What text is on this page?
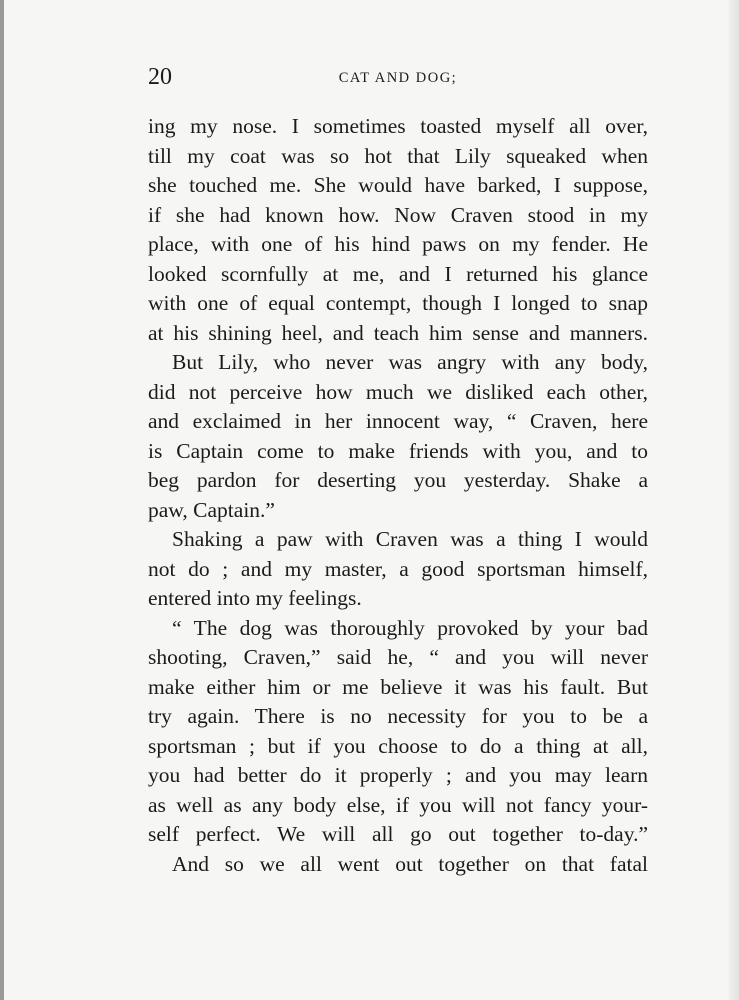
20	CAT AND DOG;
ing my nose. I sometimes toasted myself all over,
till my coat was so hot that Lily squeaked when
she touched me. She would have barked, I suppose,
if she had known how. Now Craven stood in my
place, with one of his hind paws on my fender. He
looked scornfully at me, and I returned his glance
with one of equal contempt, though I longed to snap
at his shining heel, and teach him sense and manners.
But Lily, who never was angry with any body,
did not perceive how much we disliked each other,
and exclaimed in her innocent way, “ Craven, here
is Captain come to make friends with you, and to
beg pardon for deserting you yesterday. Shake a
paw, Captain.”
Shaking a paw with Craven was a thing I would
not do ; and my master, a good sportsman himself,
entered into my feelings.
“ The dog was thoroughly provoked by your bad
shooting, Craven,” said he, “ and you will never
make either him or me believe it was his fault. But
try again. There is no necessity for you to be a
sportsman ; but if you choose to do a thing at all,
you had better do it properly ; and you may learn
as well as any body else, if you will not fancy your-
self perfect. We will all go out together to-day.”
And so we all went out together on that fatal
